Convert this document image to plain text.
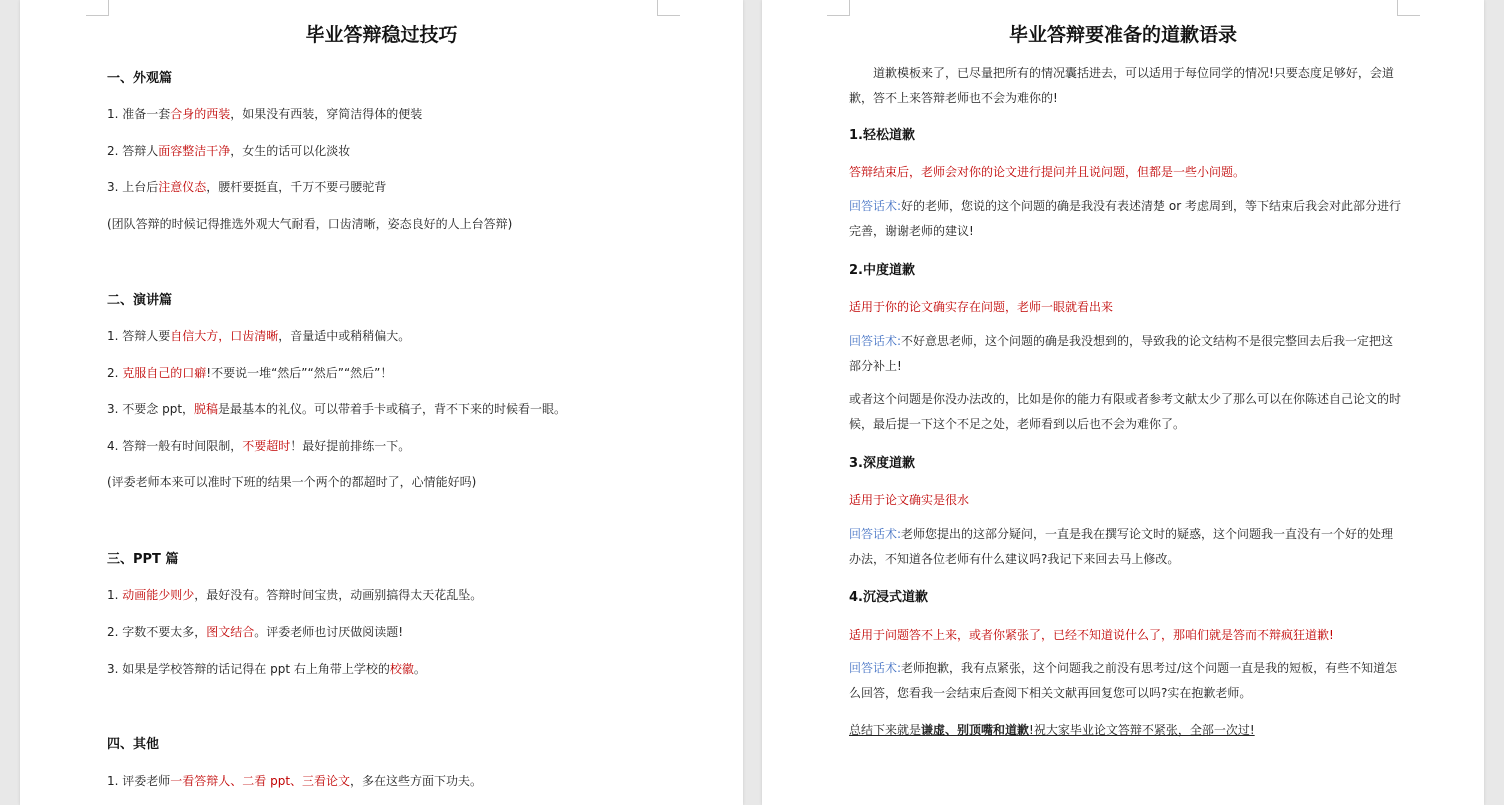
毕业答辩稳过技巧
一、外观篇
1. 准备一套合身的西装，如果没有西装，穿简洁得体的便装
2. 答辩人面容整洁干净，女生的话可以化淡妆
3. 上台后注意仪态，腰杆要挺直，千万不要弓腰驼背
(团队答辩的时候记得推选外观大气耐看，口齿清晰，姿态良好的人上台答辩)
二、演讲篇
1. 答辩人要自信大方，口齿清晰，音量适中或稍稍偏大。
2. 克服自己的口癖!不要说一堆“然后”“然后”“然后”！
3. 不要念 ppt，脱稿是最基本的礼仪。可以带着手卡或稿子，背不下来的时候看一眼。
4. 答辩一般有时间限制，不要超时！最好提前排练一下。
(评委老师本来可以准时下班的结果一个两个的都超时了，心情能好吗)
三、PPT 篇
1. 动画能少则少，最好没有。答辩时间宝贵，动画别搞得太天花乱坠。
2. 字数不要太多，图文结合。评委老师也讨厌做阅读题!
3. 如果是学校答辩的话记得在 ppt 右上角带上学校的校徽。
四、其他
1. 评委老师一看答辩人、二看 ppt、三看论文，多在这些方面下功夫。
毕业答辩要准备的道歉语录
道歉模板来了，已尽量把所有的情况囊括进去，可以适用于每位同学的情况!只要态度足够好，会道歉，答不上来答辩老师也不会为难你的!
1.轻松道歉
答辩结束后，老师会对你的论文进行提问并且说问题，但都是一些小问题。
回答话术:好的老师，您说的这个问题的确是我没有表述清楚 or 考虑周到，等下结束后我会对此部分进行完善，谢谢老师的建议!
2.中度道歉
适用于你的论文确实存在问题，老师一眼就看出来
回答话术:不好意思老师，这个问题的确是我没想到的，导致我的论文结构不是很完整回去后我一定把这部分补上!
或者这个问题是你没办法改的，比如是你的能力有限或者参考文献太少了那么可以在你陈述自己论文的时候，最后提一下这个不足之处，老师看到以后也不会为难你了。
3.深度道歉
适用于论文确实是很水
回答话术:老师您提出的这部分疑问，一直是我在撰写论文时的疑惑，这个问题我一直没有一个好的处理办法，不知道各位老师有什么建议吗?我记下来回去马上修改。
4.沉浸式道歉
适用于问题答不上来，或者你紧张了，已经不知道说什么了，那咱们就是答而不辩疯狂道歉!
回答话术:老师抱歉，我有点紧张，这个问题我之前没有思考过/这个问题一直是我的短板，有些不知道怎么回答，您看我一会结束后查阅下相关文献再回复您可以吗?实在抱歉老师。
总结下来就是谦虚、别顶嘴和道歉!祝大家毕业论文答辩不紧张，全部一次过!
